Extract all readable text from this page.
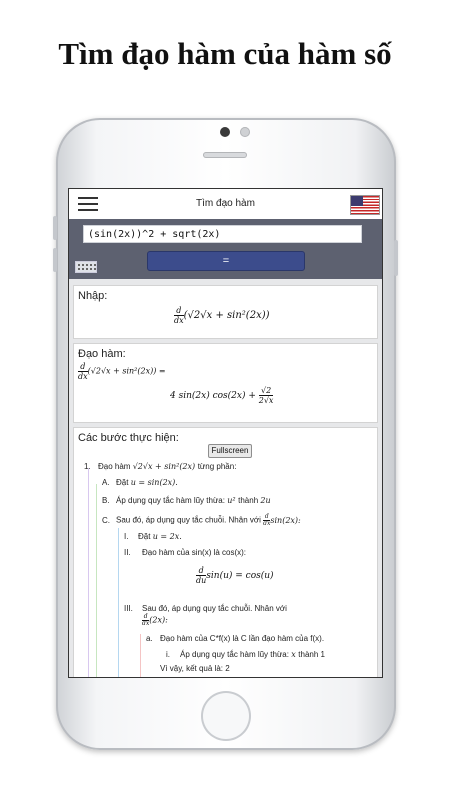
Tìm đạo hàm của hàm số
Tìm đạo hàm
(sin(2x))^2 + sqrt(2x)
=
Nhập:
$\frac{d}{dx} (√2√x + \sin^2(2x))$
Đạo hàm:
$\frac{d}{dx} (√2√x + \sin^2(2x))$ =
4 sin(2x) $\cos(2x) + \frac{√2}{2√x}$
Các bước thực hiện:
Fullscreen
1. Đạo hàm √2√x + sin²(2x) từng phần:
A. Đặt u = sin(2x).
B. Áp dụng quy tắc hàm lũy thừa: u² thành 2u
C. Sau đó, áp dụng quy tắc chuỗi. Nhân với $\frac{d}{dx} \sin(2x)$:
I. Đặt u = 2x.
II. Đạo hàm của sin(x) là cos(x):
$\frac{d}{du} \sin(u) = \cos(u)$
III. Sau đó, áp dụng quy tắc chuỗi. Nhân với
$\frac{d}{dx} (2x)$:
a. Đạo hàm của C*f(x) là C lần đạo hàm của f(x).
i. Áp dụng quy tắc hàm lũy thừa: x thành 1
Vì vậy, kết quả là: 2
